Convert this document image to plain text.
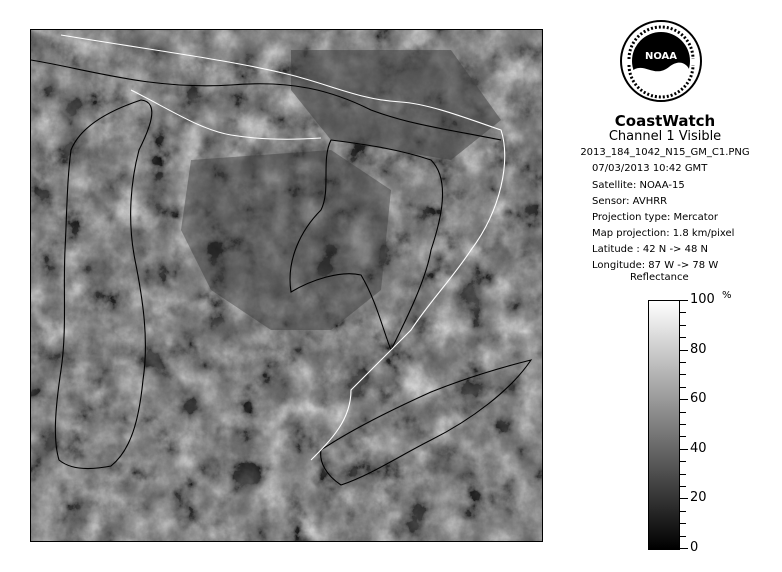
NOAA
CoastWatch
Channel 1 Visible
2013_184_1042_N15_GM_C1.PNG
07/03/2013 10:42 GMT
Satellite: NOAA-15
Sensor: AVHRR
Projection type: Mercator
Map projection: 1.8 km/pixel
Latitude : 42 N -> 48 N
Longitude: 87 W -> 78 W
Reflectance
%
100
80
60
40
20
0
